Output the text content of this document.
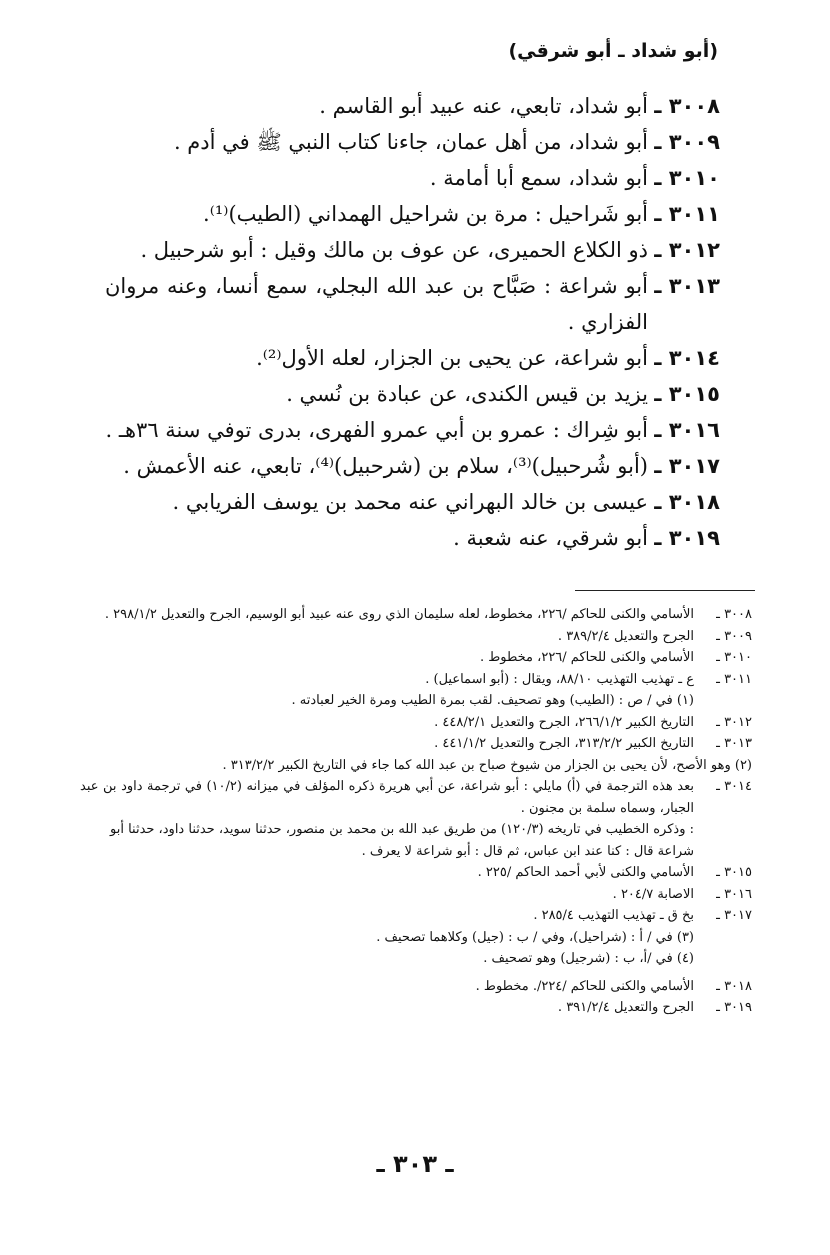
(أبو شداد ـ أبو شرقي)
٣٠٠٨ ـ
أبو شداد، تابعي، عنه عبيد أبو القاسم .
٣٠٠٩ ـ
أبو شداد، من أهل عمان، جاءنا كتاب النبي ﷺ في أدم .
٣٠١٠ ـ
أبو شداد، سمع أبا أمامة .
٣٠١١ ـ
أبو شَراحيل : مرة بن شراحيل الهمداني (الطيب)⁽¹⁾.
٣٠١٢ ـ
ذو الكلاع الحميرى، عن عوف بن مالك وقيل : أبو شرحبيل .
٣٠١٣ ـ
أبو شراعة : صَبَّاح بن عبد الله البجلي، سمع أنسا، وعنه مروان الفزاري .
٣٠١٤ ـ
أبو شراعة، عن يحيى بن الجزار، لعله الأول⁽²⁾.
٣٠١٥ ـ
يزيد بن قيس الكندى، عن عبادة بن نُسي .
٣٠١٦ ـ
أبو شِراك : عمرو بن أبي عمرو الفهرى، بدرى توفي سنة ٣٦هـ .
٣٠١٧ ـ
(أبو شُرحبيل)⁽³⁾، سلام بن (شرحبيل)⁽⁴⁾، تابعي، عنه الأعمش .
٣٠١٨ ـ
عيسى بن خالد البهراني عنه محمد بن يوسف الفريابي .
٣٠١٩ ـ
أبو شرقي، عنه شعبة .
٣٠٠٨ ـ
الأسامي والكنى للحاكم /٢٢٦، مخطوط، لعله سليمان الذي روى عنه عبيد أبو الوسيم، الجرح والتعديل ٢٩٨/١/٢ .
٣٠٠٩ ـ
الجرح والتعديل ٣٨٩/٢/٤ .
٣٠١٠ ـ
الأسامي والكنى للحاكم /٢٢٦، مخطوط .
٣٠١١ ـ
ع ـ تهذيب التهذيب ٨٨/١٠، ويقال : (أبو اسماعيل) .
(١) في / ص : (الطيب) وهو تصحيف. لقب بمرة الطيب ومرة الخير لعبادته .
٣٠١٢ ـ
التاريخ الكبير ٢٦٦/١/٢، الجرح والتعديل ٤٤٨/٢/١ .
٣٠١٣ ـ
التاريخ الكبير ٣١٣/٢/٢، الجرح والتعديل ٤٤١/١/٢ .
(٢) وهو الأصح، لأن يحيى بن الجزار من شيوخ صباح بن عبد الله كما جاء في التاريخ الكبير ٣١٣/٢/٢ .
٣٠١٤ ـ
بعد هذه الترجمة في (أ) مايلي : أبو شراعة، عن أبي هريرة ذكره المؤلف في ميزانه (١٠/٢) في ترجمة داود بن عبد الجبار، وسماه سلمة بن مجنون .
: وذكره الخطيب في تاريخه (١٢٠/٣) من طريق عبد الله بن محمد بن منصور، حدثنا سويد، حدثنا داود، حدثنا أبو شراعة قال : كنا عند ابن عباس، ثم قال : أبو شراعة لا يعرف .
٣٠١٥ ـ
الأسامي والكنى لأبي أحمد الحاكم /٢٢٥ .
٣٠١٦ ـ
الاصابة ٢٠٤/٧ .
٣٠١٧ ـ
بخ ق ـ تهذيب التهذيب ٢٨٥/٤ .
(٣) في / أ : (شراحيل)، وفي / ب : (جيل) وكلاهما تصحيف .
(٤) في /أ، ب : (شرجيل) وهو تصحيف .
٣٠١٨ ـ
الأسامي والكنى للحاكم /٢٢٤/. مخطوط .
٣٠١٩ ـ
الجرح والتعديل ٣٩١/٢/٤ .
ـ ٣٠٣ ـ
